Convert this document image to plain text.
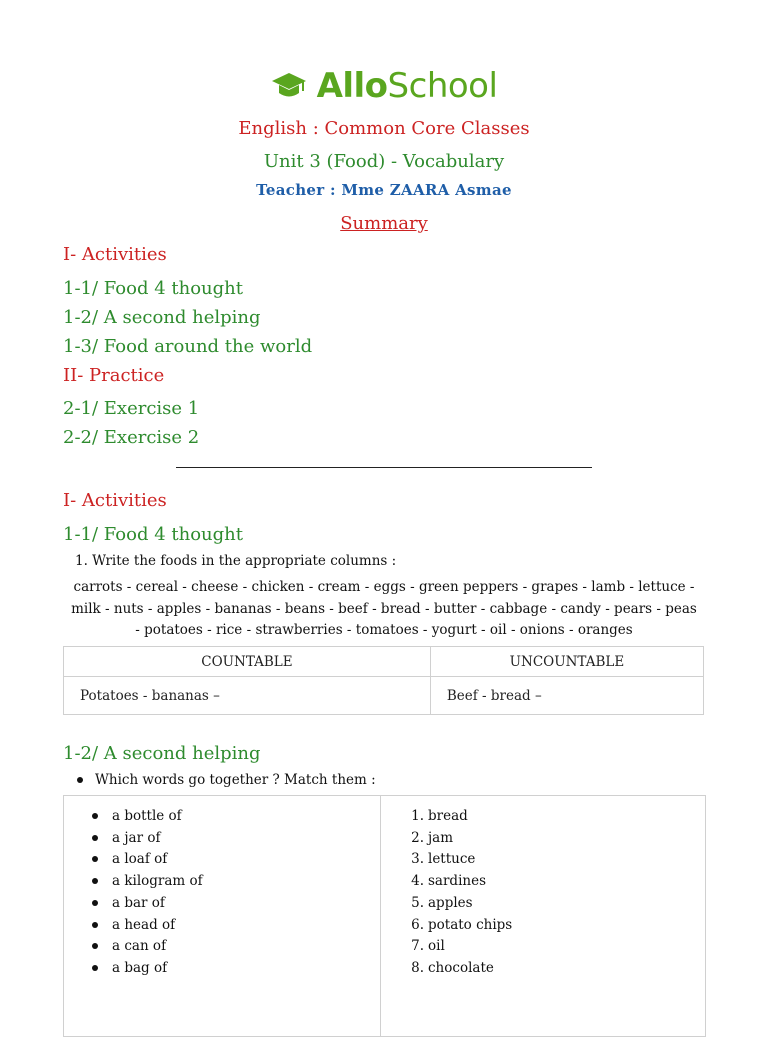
AlloSchool
English : Common Core Classes
Unit 3 (Food) - Vocabulary
Teacher : Mme ZAARA Asmae
Summary
I- Activities
1-1/ Food 4 thought
1-2/ A second helping
1-3/ Food around the world
II- Practice
2-1/ Exercise 1
2-2/ Exercise 2
I- Activities
1-1/ Food 4 thought
1. Write the foods in the appropriate columns :
carrots - cereal - cheese - chicken - cream - eggs - green peppers - grapes - lamb - lettuce -
milk - nuts - apples - bananas - beans - beef - bread - butter - cabbage - candy - pears - peas
- potatoes - rice - strawberries - tomatoes - yogurt - oil - onions - oranges
COUNTABLE	UNCOUNTABLE
Potatoes - bananas –	Beef - bread –
1-2/ A second helping
Which words go together ? Match them :
a bottle of
a jar of
a loaf of
a kilogram of
a bar of
a head of
a can of
a bag of
1. bread
2. jam
3. lettuce
4. sardines
5. apples
6. potato chips
7. oil
8. chocolate
